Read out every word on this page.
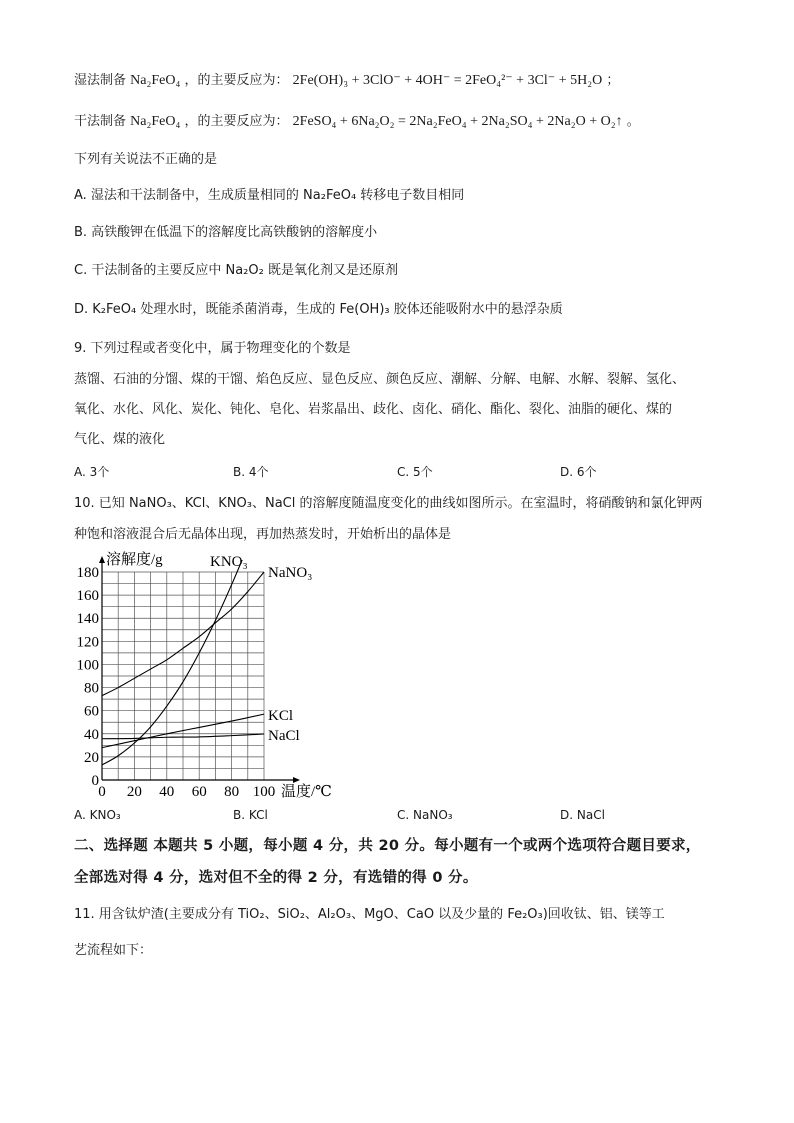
湿法制备 Na₂FeO₄ ，的主要反应为： 2Fe(OH)₃ + 3ClO⁻ + 4OH⁻ = 2FeO₄²⁻ + 3Cl⁻ + 5H₂O ；
干法制备 Na₂FeO₄ ，的主要反应为： 2FeSO₄ + 6Na₂O₂ = 2Na₂FeO₄ + 2Na₂SO₄ + 2Na₂O + O₂↑ 。
下列有关说法不正确的是
A. 湿法和干法制备中，生成质量相同的 Na₂FeO₄ 转移电子数目相同
B. 高铁酸钾在低温下的溶解度比高铁酸钠的溶解度小
C. 干法制备的主要反应中 Na₂O₂ 既是氧化剂又是还原剂
D. K₂FeO₄ 处理水时，既能杀菌消毒，生成的 Fe(OH)₃ 胶体还能吸附水中的悬浮杂质
9. 下列过程或者变化中，属于物理变化的个数是
蒸馏、石油的分馏、煤的干馏、焰色反应、显色反应、颜色反应、潮解、分解、电解、水解、裂解、氢化、
氧化、水化、风化、炭化、钝化、皂化、岩浆晶出、歧化、卤化、硝化、酯化、裂化、油脂的硬化、煤的
气化、煤的液化
A. 3个	B. 4个	C. 5个	D. 6个
10. 已知 NaNO₃、KCl、KNO₃、NaCl 的溶解度随温度变化的曲线如图所示。在室温时，将硝酸钠和氯化钾两
种饱和溶液混合后无晶体出现，再加热蒸发时，开始析出的晶体是
0
20
40
60
80
100
120
140
160
180
0 20 40 60 80 100
KNO₃
NaNO₃
KCl
NaCl
溶解度/g
温度/℃
A. KNO₃	B. KCl	C. NaNO₃	D. NaCl
二、选择题 本题共 5 小题，每小题 4 分，共 20 分。每小题有一个或两个选项符合题目要求，
全部选对得 4 分，选对但不全的得 2 分，有选错的得 0 分。
11. 用含钛炉渣(主要成分有 TiO₂、SiO₂、Al₂O₃、MgO、CaO 以及少量的 Fe₂O₃)回收钛、铝、镁等工
艺流程如下：
